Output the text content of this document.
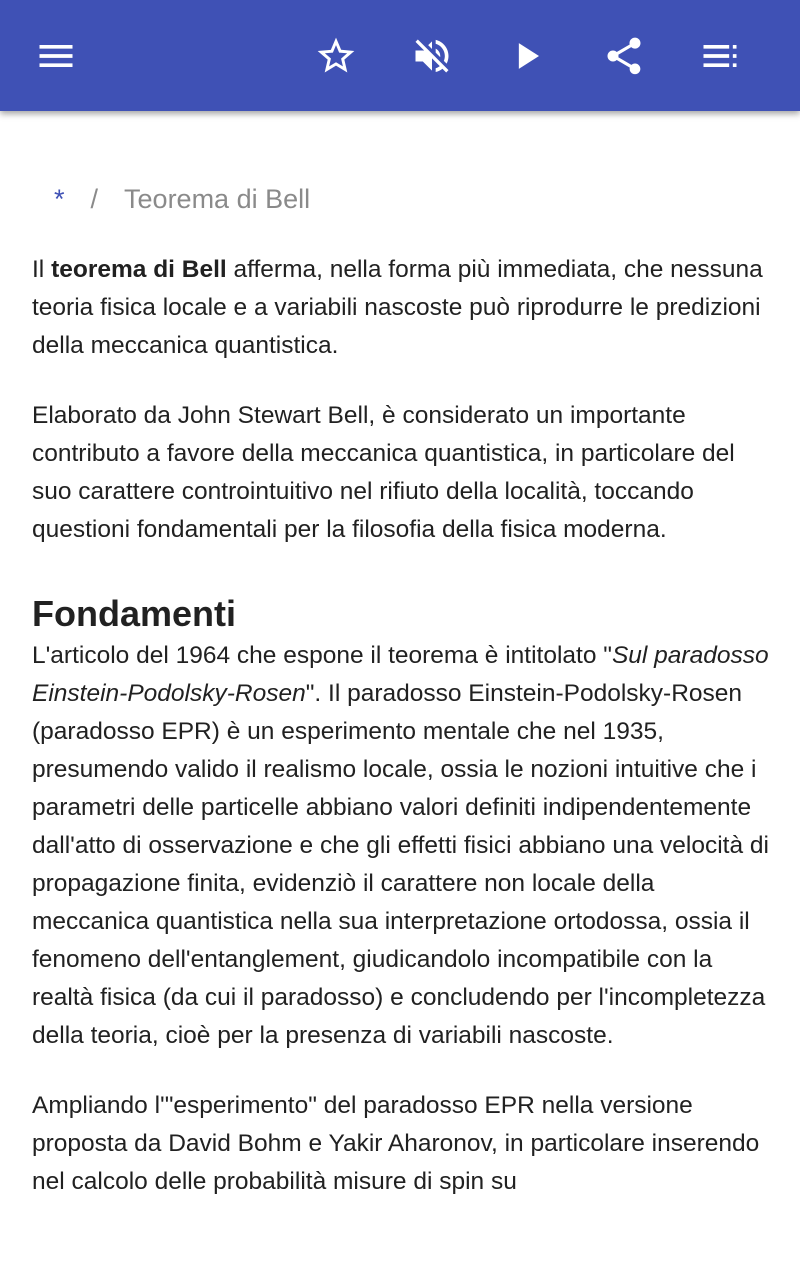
* / Teorema di Bell

Il teorema di Bell afferma, nella forma più immediata, che nessuna teoria fisica locale e a variabili nascoste può riprodurre le predizioni della meccanica quantistica.

Elaborato da John Stewart Bell, è considerato un importante contributo a favore della meccanica quantistica, in particolare del suo carattere controintuitivo nel rifiuto della località, toccando questioni fondamentali per la filosofia della fisica moderna.

Fondamenti

L'articolo del 1964 che espone il teorema è intitolato "Sul paradosso Einstein-Podolsky-Rosen". Il paradosso Einstein-Podolsky-Rosen (paradosso EPR) è un esperimento mentale che nel 1935, presumendo valido il realismo locale, ossia le nozioni intuitive che i parametri delle particelle abbiano valori definiti indipendentemente dall'atto di osservazione e che gli effetti fisici abbiano una velocità di propagazione finita, evidenziò il carattere non locale della meccanica quantistica nella sua interpretazione ortodossa, ossia il fenomeno dell'entanglement, giudicandolo incompatibile con la realtà fisica (da cui il paradosso) e concludendo per l'incompletezza della teoria, cioè per la presenza di variabili nascoste.

Ampliando l'"esperimento" del paradosso EPR nella versione proposta da David Bohm e Yakir Aharonov, in particolare inserendo nel calcolo delle probabilità misure di spin su
